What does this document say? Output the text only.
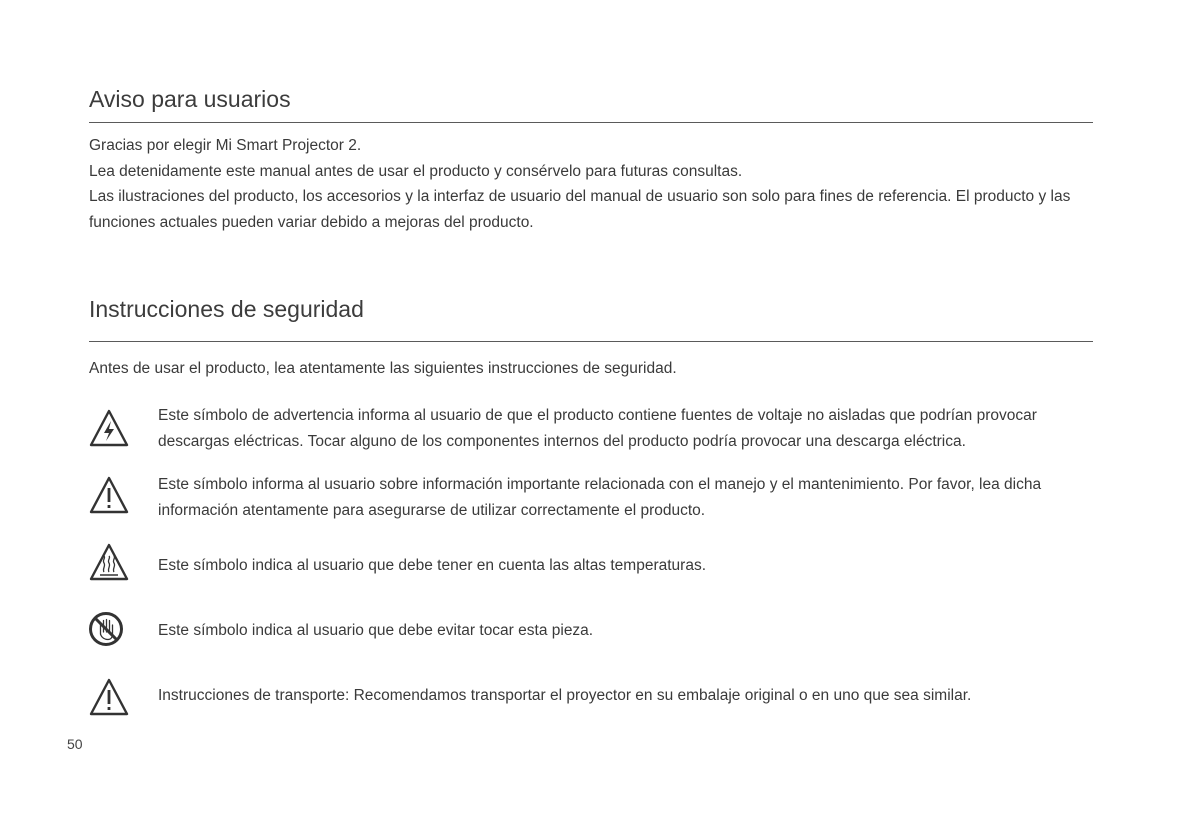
Aviso para usuarios

Gracias por elegir Mi Smart Projector 2.

Lea detenidamente este manual antes de usar el producto y consérvelo para futuras consultas.

Las ilustraciones del producto, los accesorios y la interfaz de usuario del manual de usuario son solo para fines de referencia. El producto y las funciones actuales pueden variar debido a mejoras del producto.

Instrucciones de seguridad
Antes de usar el producto, lea atentamente las siguientes instrucciones de seguridad.
Este símbolo de advertencia informa al usuario de que el producto contiene fuentes de voltaje no aisladas que podrían provocar descargas eléctricas. Tocar alguno de los componentes internos del producto podría provocar una descarga eléctrica.
Este símbolo informa al usuario sobre información importante relacionada con el manejo y el mantenimiento. Por favor, lea dicha información atentamente para asegurarse de utilizar correctamente el producto.
Este símbolo indica al usuario que debe tener en cuenta las altas temperaturas.
Este símbolo indica al usuario que debe evitar tocar esta pieza.
Instrucciones de transporte: Recomendamos transportar el proyector en su embalaje original o en uno que sea similar.
50
